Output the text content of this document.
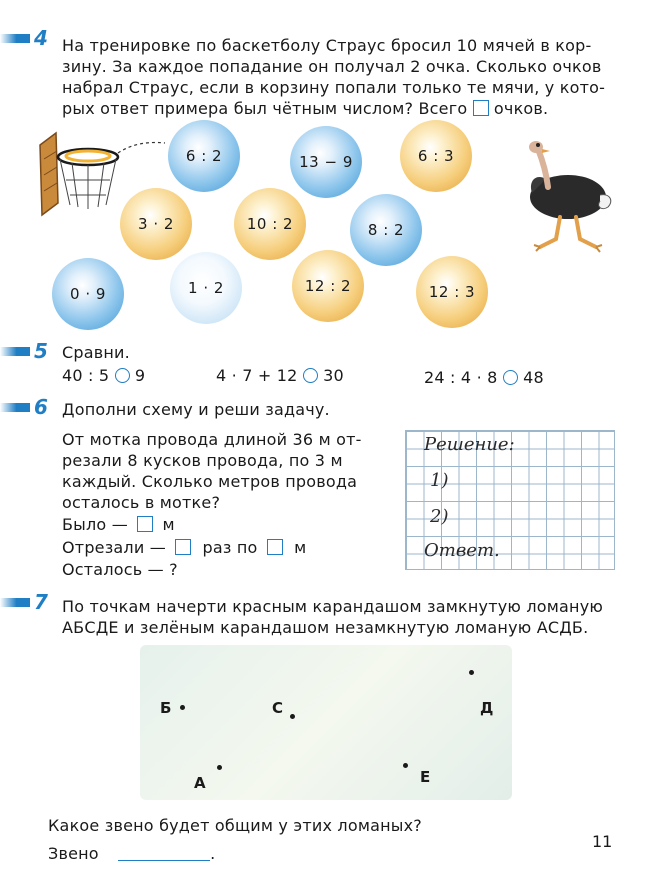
4 На тренировке по баскетболу Страус бросил 10 мячей в кор-
зину. За каждое попадание он получал 2 очка. Сколько очков
набрал Страус, если в корзину попали только те мячи, у кото-
рых ответ примера был чётным числом? Всего очков.
6 : 2	13 − 9	6 : 3
3 · 2	10 : 2	8 : 2
0 · 9	1 · 2	12 : 2	12 : 3
5 Сравни.
40 : 5 9	4 · 7 + 12 30	24 : 4 · 8 48
6 Дополни схему и реши задачу.
От мотка провода длиной 36 м от-
резали 8 кусков провода, по 3 м
каждый. Сколько метров провода
осталось в мотке?
Было — м
Отрезали — раз по м
Осталось — ?
Решение:
1)
2)
Ответ.
7 По точкам начерти красным карандашом замкнутую ломаную
АБСДЕ и зелёным карандашом незамкнутую ломаную АСДБ.
Б	С	Д
А	Е
Какое звено будет общим у этих ломаных?
Звено	.
11
